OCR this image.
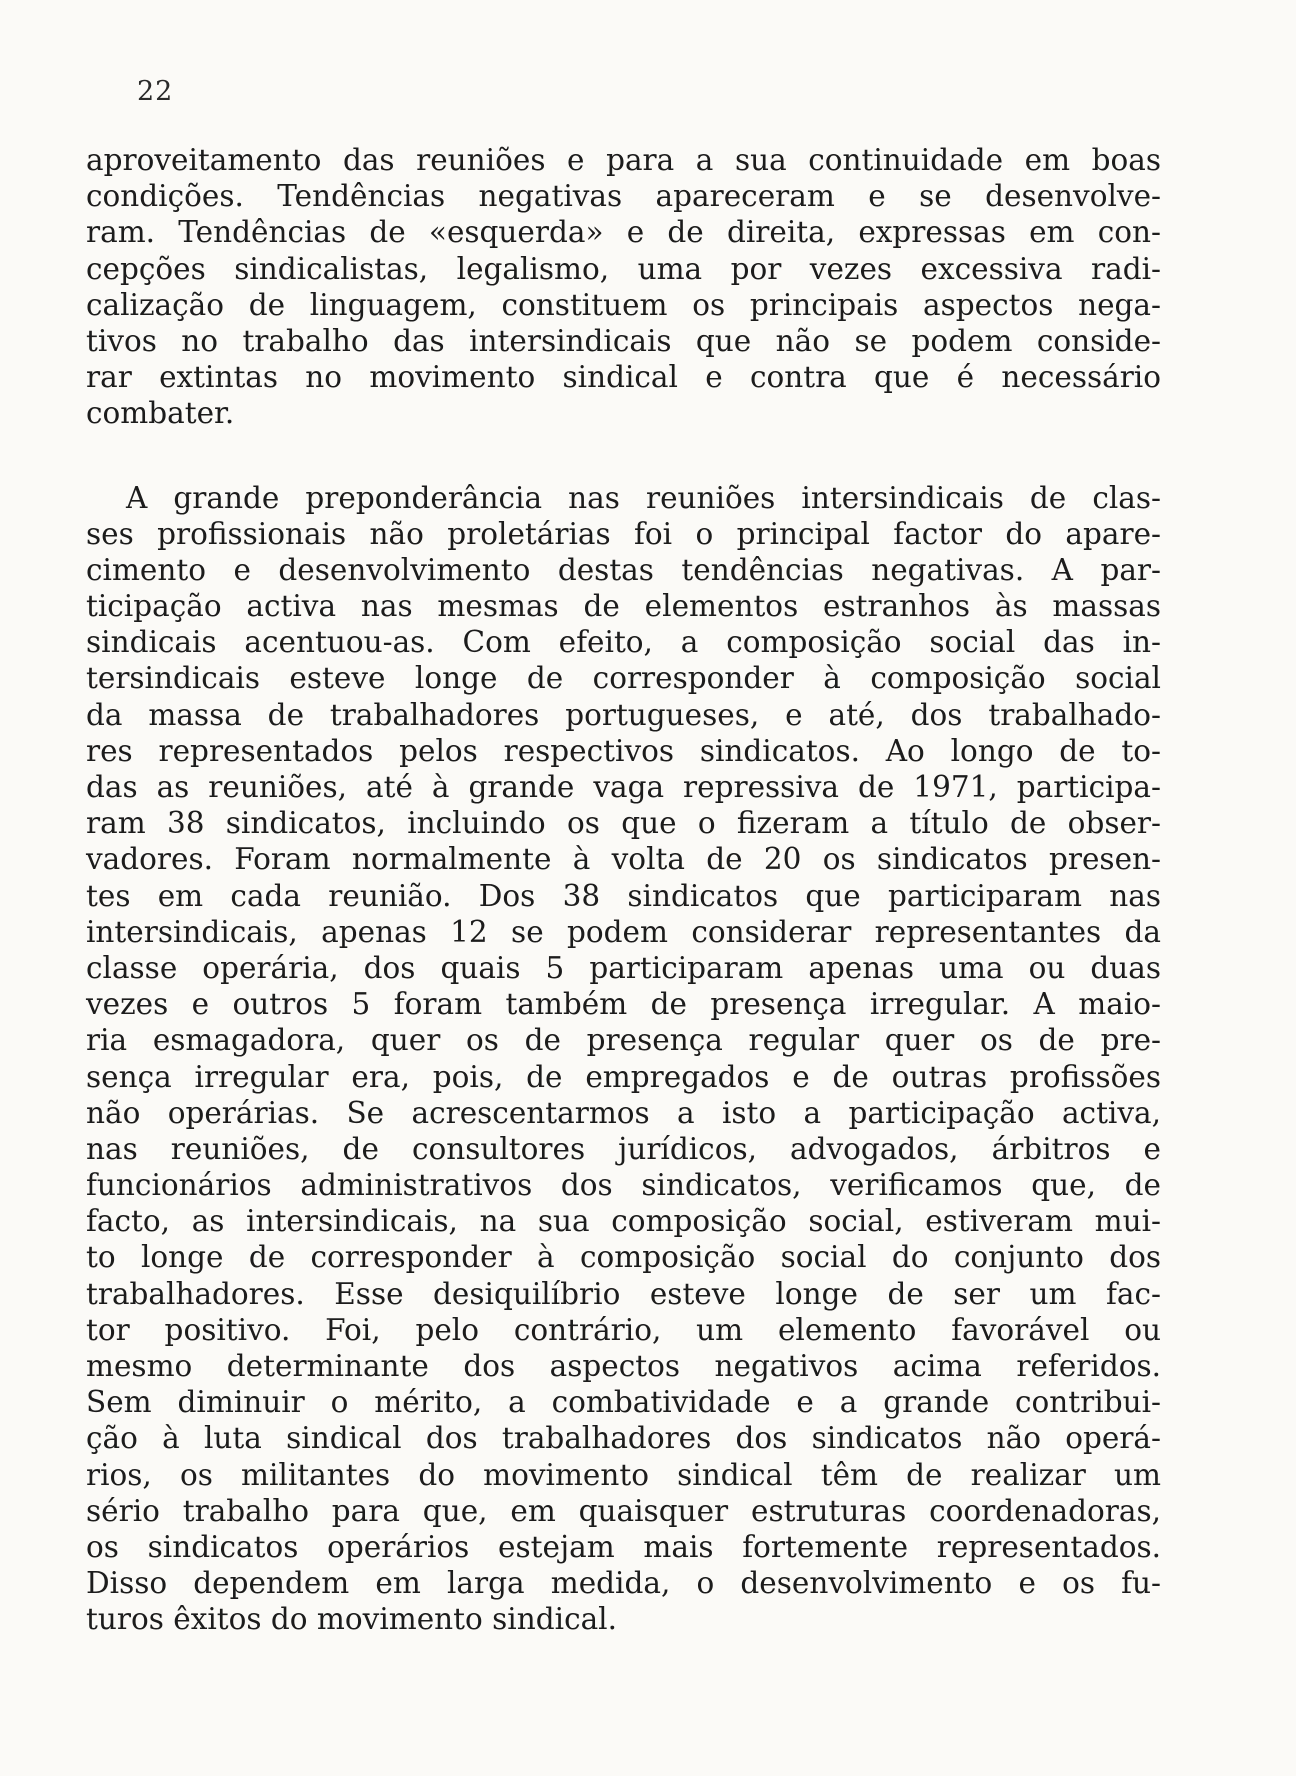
22
aproveitamento das reuniões e para a sua continuidade em boas
condições. Tendências negativas apareceram e se desenvolve-
ram. Tendências de «esquerda» e de direita, expressas em con-
cepções sindicalistas, legalismo, uma por vezes excessiva radi-
calização de linguagem, constituem os principais aspectos nega-
tivos no trabalho das intersindicais que não se podem conside-
rar extintas no movimento sindical e contra que é necessário
combater.
A grande preponderância nas reuniões intersindicais de clas-
ses profissionais não proletárias foi o principal factor do apare-
cimento e desenvolvimento destas tendências negativas. A par-
ticipação activa nas mesmas de elementos estranhos às massas
sindicais acentuou-as. Com efeito, a composição social das in-
tersindicais esteve longe de corresponder à composição social
da massa de trabalhadores portugueses, e até, dos trabalhado-
res representados pelos respectivos sindicatos. Ao longo de to-
das as reuniões, até à grande vaga repressiva de 1971, participa-
ram 38 sindicatos, incluindo os que o fizeram a título de obser-
vadores. Foram normalmente à volta de 20 os sindicatos presen-
tes em cada reunião. Dos 38 sindicatos que participaram nas
intersindicais, apenas 12 se podem considerar representantes da
classe operária, dos quais 5 participaram apenas uma ou duas
vezes e outros 5 foram também de presença irregular. A maio-
ria esmagadora, quer os de presença regular quer os de pre-
sença irregular era, pois, de empregados e de outras profissões
não operárias. Se acrescentarmos a isto a participação activa,
nas reuniões, de consultores jurídicos, advogados, árbitros e
funcionários administrativos dos sindicatos, verificamos que, de
facto, as intersindicais, na sua composição social, estiveram mui-
to longe de corresponder à composição social do conjunto dos
trabalhadores. Esse desiquilíbrio esteve longe de ser um fac-
tor positivo. Foi, pelo contrário, um elemento favorável ou
mesmo determinante dos aspectos negativos acima referidos.
Sem diminuir o mérito, a combatividade e a grande contribui-
ção à luta sindical dos trabalhadores dos sindicatos não operá-
rios, os militantes do movimento sindical têm de realizar um
sério trabalho para que, em quaisquer estruturas coordenadoras,
os sindicatos operários estejam mais fortemente representados.
Disso dependem em larga medida, o desenvolvimento e os fu-
turos êxitos do movimento sindical.
